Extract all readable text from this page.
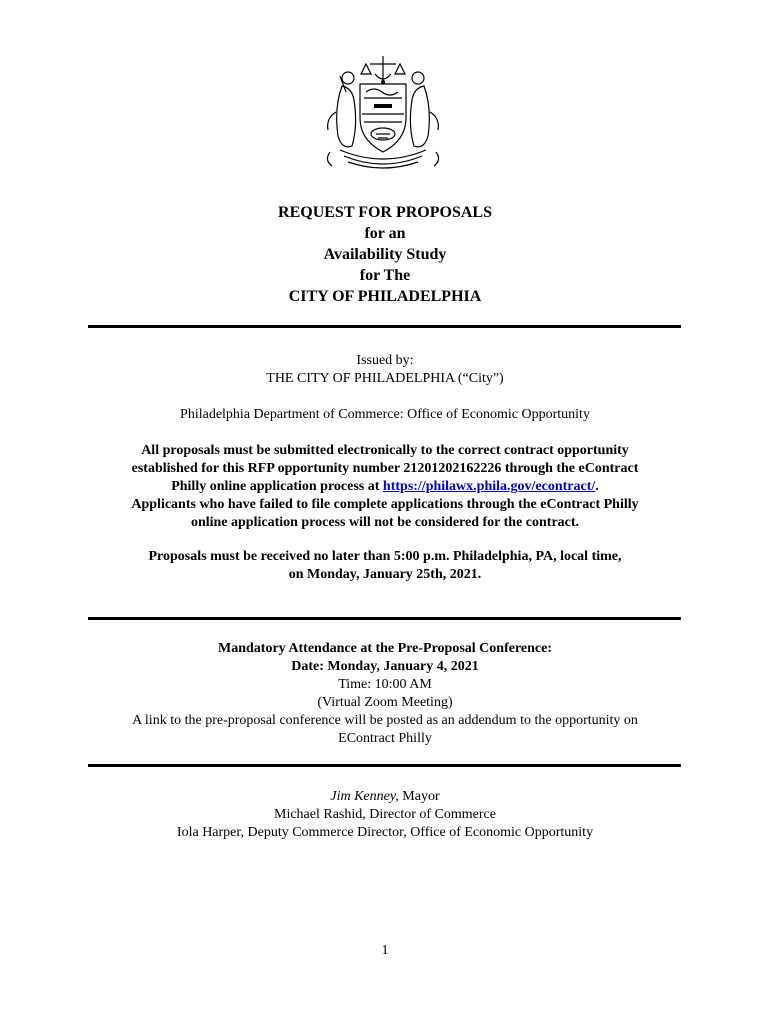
REQUEST FOR PROPOSALS
for an
Availability Study
for The
CITY OF PHILADELPHIA
Issued by:
THE CITY OF PHILADELPHIA (“City”)
Philadelphia Department of Commerce: Office of Economic Opportunity
All proposals must be submitted electronically to the correct contract opportunity
established for this RFP opportunity number 21201202162226 through the eContract
Philly online application process at https://philawx.phila.gov/econtract/.
Applicants who have failed to file complete applications through the eContract Philly
online application process will not be considered for the contract.
Proposals must be received no later than 5:00 p.m. Philadelphia, PA, local time,
on Monday, January 25th, 2021.
Mandatory Attendance at the Pre-Proposal Conference:
Date: Monday, January 4, 2021
Time: 10:00 AM
(Virtual Zoom Meeting)
A link to the pre-proposal conference will be posted as an addendum to the opportunity on
EContract Philly
Jim Kenney, Mayor
Michael Rashid, Director of Commerce
Iola Harper, Deputy Commerce Director, Office of Economic Opportunity
1
